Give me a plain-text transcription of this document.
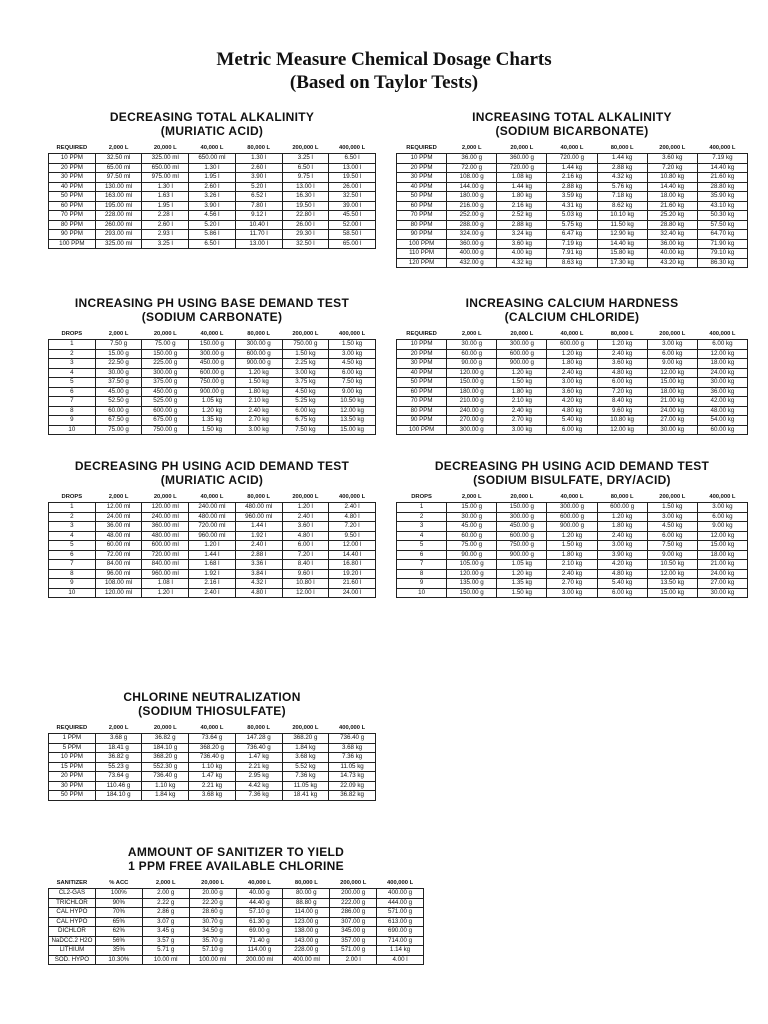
Metric Measure Chemical Dosage Charts
(Based on Taylor Tests)
DECREASING TOTAL ALKALINITY
(MURIATIC ACID)
REQUIRED	2,000 L	20,000 L	40,000 L	80,000 L	200,000 L	400,000 L
10 PPM	32.50 ml	325.00 ml	650.00 ml	1.30 l	3.25 l	6.50 l
20 PPM	65.00 ml	650.00 ml	1.30 l	2.60 l	6.50 l	13.00 l
30 PPM	97.50 ml	975.00 ml	1.95 l	3.90 l	9.75 l	19.50 l
40 PPM	130.00 ml	1.30 l	2.60 l	5.20 l	13.00 l	26.00 l
50 PPM	163.00 ml	1.63 l	3.26 l	6.52 l	16.30 l	32.50 l
60 PPM	195.00 ml	1.95 l	3.90 l	7.80 l	19.50 l	39.00 l
70 PPM	228.00 ml	2.28 l	4.56 l	9.12 l	22.80 l	45.50 l
80 PPM	260.00 ml	2.60 l	5.20 l	10.40 l	26.00 l	52.00 l
90 PPM	293.00 ml	2.93 l	5.86 l	11.70 l	29.30 l	58.50 l
100 PPM	325.00 ml	3.25 l	6.50 l	13.00 l	32.50 l	65.00 l
INCREASING TOTAL ALKALINITY
(SODIUM BICARBONATE)
REQUIRED	2,000 L	20,000 L	40,000 L	80,000 L	200,000 L	400,000 L
10 PPM	36.00 g	360.00 g	720.00 g	1.44 kg	3.60 kg	7.19 kg
20 PPM	72.00 g	720.00 g	1.44 kg	2.88 kg	7.20 kg	14.40 kg
30 PPM	108.00 g	1.08 kg	2.16 kg	4.32 kg	10.80 kg	21.60 kg
40 PPM	144.00 g	1.44 kg	2.88 kg	5.76 kg	14.40 kg	28.80 kg
50 PPM	180.00 g	1.80 kg	3.59 kg	7.18 kg	18.00 kg	35.90 kg
60 PPM	216.00 g	2.16 kg	4.31 kg	8.62 kg	21.60 kg	43.10 kg
70 PPM	252.00 g	2.52 kg	5.03 kg	10.10 kg	25.20 kg	50.30 kg
80 PPM	288.00 g	2.88 kg	5.75 kg	11.50 kg	28.80 kg	57.50 kg
90 PPM	324.00 g	3.24 kg	6.47 kg	12.90 kg	32.40 kg	64.70 kg
100 PPM	360.00 g	3.60 kg	7.19 kg	14.40 kg	36.00 kg	71.90 kg
110 PPM	400.00 g	4.00 kg	7.91 kg	15.80 kg	40.00 kg	79.10 kg
120 PPM	432.00 g	4.32 kg	8.63 kg	17.30 kg	43.20 kg	86.30 kg
INCREASING PH USING BASE DEMAND TEST
(SODIUM CARBONATE)
DROPS	2,000 L	20,000 L	40,000 L	80,000 L	200,000 L	400,000 L
1	7.50 g	75.00 g	150.00 g	300.00 g	750.00 g	1.50 kg
2	15.00 g	150.00 g	300.00 g	600.00 g	1.50 kg	3.00 kg
3	22.50 g	225.00 g	450.00 g	900.00 g	2.25 kg	4.50 kg
4	30.00 g	300.00 g	600.00 g	1.20 kg	3.00 kg	6.00 kg
5	37.50 g	375.00 g	750.00 g	1.50 kg	3.75 kg	7.50 kg
6	45.00 g	450.00 g	900.00 g	1.80 kg	4.50 kg	9.00 kg
7	52.50 g	525.00 g	1.05 kg	2.10 kg	5.25 kg	10.50 kg
8	60.00 g	600.00 g	1.20 kg	2.40 kg	6.00 kg	12.00 kg
9	67.50 g	675.00 g	1.35 kg	2.70 kg	6.75 kg	13.50 kg
10	75.00 g	750.00 g	1.50 kg	3.00 kg	7.50 kg	15.00 kg
INCREASING CALCIUM HARDNESS
(CALCIUM CHLORIDE)
REQUIRED	2,000 L	20,000 L	40,000 L	80,000 L	200,000 L	400,000 L
10 PPM	30.00 g	300.00 g	600.00 g	1.20 kg	3.00 kg	6.00 kg
20 PPM	60.00 g	600.00 g	1.20 kg	2.40 kg	6.00 kg	12.00 kg
30 PPM	90.00 g	900.00 g	1.80 kg	3.60 kg	9.00 kg	18.00 kg
40 PPM	120.00 g	1.20 kg	2.40 kg	4.80 kg	12.00 kg	24.00 kg
50 PPM	150.00 g	1.50 kg	3.00 kg	6.00 kg	15.00 kg	30.00 kg
60 PPM	180.00 g	1.80 kg	3.60 kg	7.20 kg	18.00 kg	36.00 kg
70 PPM	210.00 g	2.10 kg	4.20 kg	8.40 kg	21.00 kg	42.00 kg
80 PPM	240.00 g	2.40 kg	4.80 kg	9.60 kg	24.00 kg	48.00 kg
90 PPM	270.00 g	2.70 kg	5.40 kg	10.80 kg	27.00 kg	54.00 kg
100 PPM	300.00 g	3.00 kg	6.00 kg	12.00 kg	30.00 kg	60.00 kg
DECREASING PH USING ACID DEMAND TEST
(MURIATIC ACID)
DROPS	2,000 L	20,000 L	40,000 L	80,000 L	200,000 L	400,000 L
1	12.00 ml	120.00 ml	240.00 ml	480.00 ml	1.20 l	2.40 l
2	24.00 ml	240.00 ml	480.00 ml	960.00 ml	2.40 l	4.80 l
3	36.00 ml	360.00 ml	720.00 ml	1.44 l	3.60 l	7.20 l
4	48.00 ml	480.00 ml	960.00 ml	1.92 l	4.80 l	9.50 l
5	60.00 ml	600.00 ml	1.20 l	2.40 l	6.00 l	12.00 l
6	72.00 ml	720.00 ml	1.44 l	2.88 l	7.20 l	14.40 l
7	84.00 ml	840.00 ml	1.68 l	3.36 l	8.40 l	16.80 l
8	96.00 ml	960.00 ml	1.92 l	3.84 l	9.60 l	19.20 l
9	108.00 ml	1.08 l	2.16 l	4.32 l	10.80 l	21.60 l
10	120.00 ml	1.20 l	2.40 l	4.80 l	12.00 l	24.00 l
DECREASING PH USING ACID DEMAND TEST
(SODIUM BISULFATE, DRY/ACID)
DROPS	2,000 L	20,000 L	40,000 L	80,000 L	200,000 L	400,000 L
1	15.00 g	150.00 g	300.00 g	600.00 g	1.50 kg	3.00 kg
2	30.00 g	300.00 g	600.00 g	1.20 kg	3.00 kg	6.00 kg
3	45.00 g	450.00 g	900.00 g	1.80 kg	4.50 kg	9.00 kg
4	60.00 g	600.00 g	1.20 kg	2.40 kg	6.00 kg	12.00 kg
5	75.00 g	750.00 g	1.50 kg	3.00 kg	7.50 kg	15.00 kg
6	90.00 g	900.00 g	1.80 kg	3.90 kg	9.00 kg	18.00 kg
7	105.00 g	1.05 kg	2.10 kg	4.20 kg	10.50 kg	21.00 kg
8	120.00 g	1.20 kg	2.40 kg	4.80 kg	12.00 kg	24.00 kg
9	135.00 g	1.35 kg	2.70 kg	5.40 kg	13.50 kg	27.00 kg
10	150.00 g	1.50 kg	3.00 kg	6.00 kg	15.00 kg	30.00 kg
CHLORINE NEUTRALIZATION
(SODIUM THIOSULFATE)
REQUIRED	2,000 L	20,000 L	40,000 L	80,000 L	200,000 L	400,000 L
1 PPM	3.68 g	36.82 g	73.64 g	147.28 g	368.20 g	736.40 g
5 PPM	18.41 g	184.10 g	368.20 g	736.40 g	1.84 kg	3.68 kg
10 PPM	36.82 g	368.20 g	736.40 g	1.47 kg	3.68 kg	7.36 kg
15 PPM	55.23 g	552.30 g	1.10 kg	2.21 kg	5.52 kg	11.05 kg
20 PPM	73.64 g	736.40 g	1.47 kg	2.95 kg	7.36 kg	14.73 kg
30 PPM	110.46 g	1.10 kg	2.21 kg	4.42 kg	11.05 kg	22.09 kg
50 PPM	184.10 g	1.84 kg	3.68 kg	7.36 kg	18.41 kg	36.82 kg
AMMOUNT OF SANITIZER TO YIELD
1 PPM FREE AVAILABLE CHLORINE
SANITIZER	% ACC	2,000 L	20,000 L	40,000 L	80,000 L	200,000 L	400,000 L
CL2-GAS	100%	2.00 g	20.00 g	40.00 g	80.00 g	200.00 g	400.00 g
TRICHLOR	90%	2.22 g	22.20 g	44.40 g	88.80 g	222.00 g	444.00 g
CAL HYPO	70%	2.86 g	28.60 g	57.10 g	114.00 g	286.00 g	571.00 g
CAL HYPO	65%	3.07 g	30.70 g	61.30 g	123.00 g	307.00 g	613.00 g
DICHLOR	62%	3.45 g	34.50 g	69.00 g	138.00 g	345.00 g	690.00 g
NaDCC.2 H2O	56%	3.57 g	35.70 g	71.40 g	143.00 g	357.00 g	714.00 g
LITHIUM	35%	5.71 g	57.10 g	114.00 g	228.00 g	571.00 g	1.14 kg
SOD. HYPO	10.30%	10.00 ml	100.00 ml	200.00 ml	400.00 ml	2.00 l	4.00 l
